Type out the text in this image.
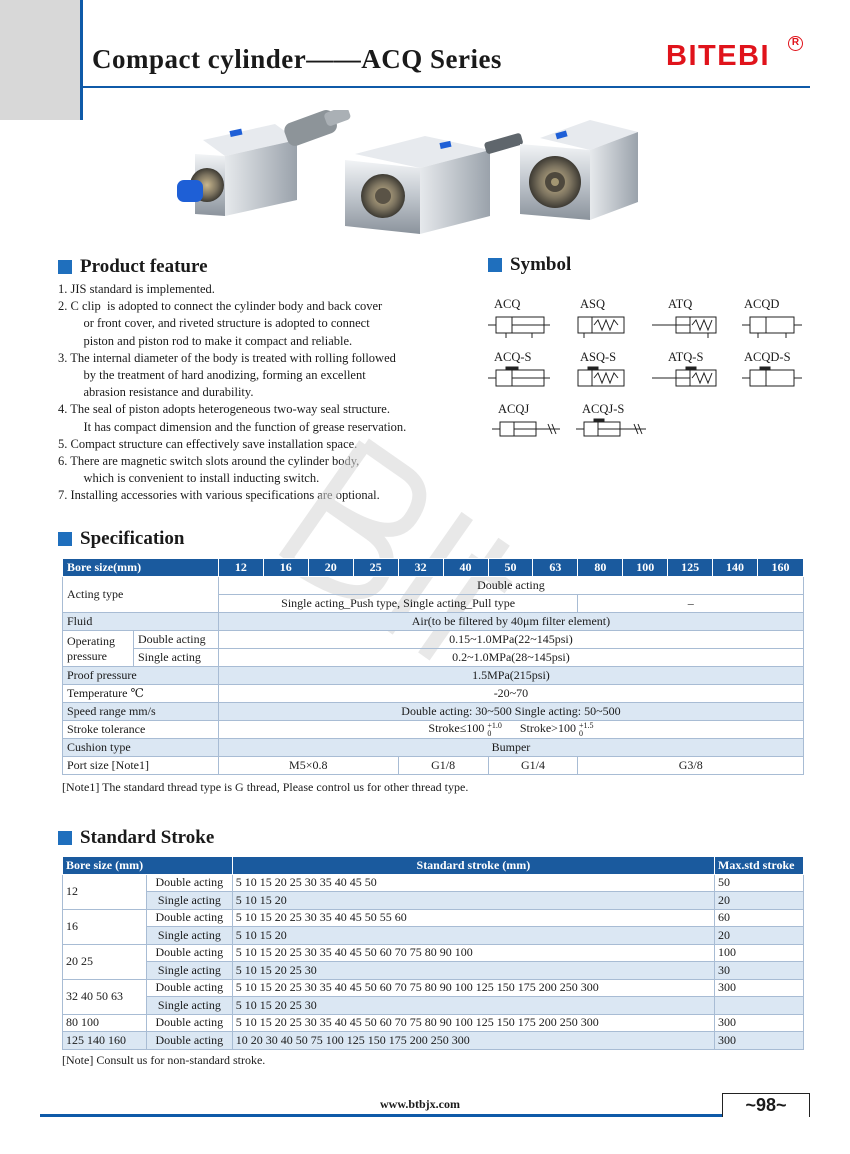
Compact cylinder——ACQ Series	BITEBI	R
Product feature
1. JIS standard is implemented.
2. C clip  is adopted to connect the cylinder body and back cover
or front cover, and riveted structure is adopted to connect
piston and piston rod to make it compact and reliable.
3. The internal diameter of the body is treated with rolling followed
by the treatment of hard anodizing, forming an excellent
abrasion resistance and durability.
4. The seal of piston adopts heterogeneous two-way seal structure.
It has compact dimension and the function of grease reservation.
5. Compact structure can effectively save installation space.
6. There are magnetic switch slots around the cylinder body,
which is convenient to install inducting switch.
7. Installing accessories with various specifications are optional.
Symbol
ACQ	ASQ	ATQ	ACQD
ACQ-S	ASQ-S	ATQ-S	ACQD-S
ACQJ	ACQJ-S
Specification
Bore size(mm)		12	16	20	25	32	40	50	63	80	100	125	140	160
Acting type		Double acting												
		Single acting_Push type, Single acting_Pull type								–				
Fluid		Air(to be filtered by 40μm filter element)												
Operating
pressure	Double acting	0.15~1.0MPa(22~145psi)												
	Single acting	0.2~1.0MPa(28~145psi)												
Proof pressure		1.5MPa(215psi)												
Temperature ℃		-20~70												
Speed range mm/s		Double acting: 30~500 Single acting: 50~500												
Stroke tolerance		Stroke≤100 +1.0
0 Stroke>100 +1.5
0												
Cushion type		Bumper												
Port size [Note1]		M5×0.8				G1/8		G1/4		G3/8				
[Note1] The standard thread type is G thread, Please control us for other thread type.
Standard Stroke
Bore size (mm)		Standard stroke (mm)	Max.std stroke
12	Double acting	5 10 15 20 25 30 35 40 45 50	50
	Single acting	5 10 15 20	20
16	Double acting	5 10 15 20 25 30 35 40 45 50 55 60	60
	Single acting	5 10 15 20	20
20 25	Double acting	5 10 15 20 25 30 35 40 45 50 60 70 75 80 90 100	100
	Single acting	5 10 15 20 25 30	30
32 40 50 63	Double acting	5 10 15 20 25 30 35 40 45 50 60 70 75 80 90 100 125 150 175 200 250 300	300
	Single acting	5 10 15 20 25 30	
80 100	Double acting	5 10 15 20 25 30 35 40 45 50 60 70 75 80 90 100 125 150 175 200 250 300	300
125 140 160	Double acting	10 20 30 40 50 75 100 125 150 175 200 250 300	300
[Note] Consult us for non-standard stroke.
www.btbjx.com	~98~
